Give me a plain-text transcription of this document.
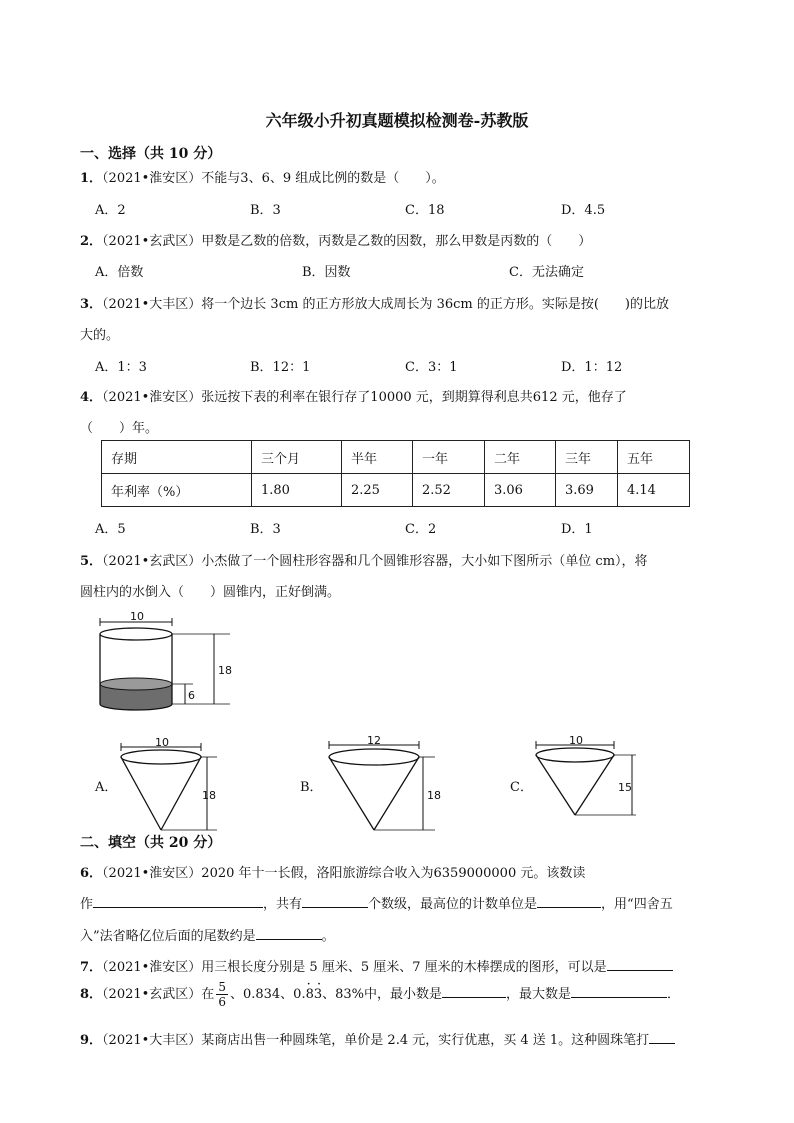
六年级小升初真题模拟检测卷-苏教版
一、选择（共 10 分）
1．（2021•淮安区）不能与3、6、9 组成比例的数是（　　）。
A．2	B．3	C．18	D．4.5
2．（2021•玄武区）甲数是乙数的倍数，丙数是乙数的因数，那么甲数是丙数的（　　）
A．倍数	B．因数	C．无法确定
3．（2021•大丰区）将一个边长 3cm 的正方形放大成周长为 36cm 的正方形。实际是按(　　)的比放
大的。
A．1：3	B．12：1	C．3：1	D．1：12
4．（2021•淮安区）张远按下表的利率在银行存了10000 元，到期算得利息共612 元，他存了
（　　）年。
存期	三个月	半年	一年	二年	三年	五年
年利率（%）	1.80	2.25	2.52	3.06	3.69	4.14
A．5	B．3	C．2	D．1
5．（2021•玄武区）小杰做了一个圆柱形容器和几个圆锥形容器，大小如下图所示（单位 cm），将
圆柱内的水倒入（　　）圆锥内，正好倒满。
10
18
6
A．
10
18
B．
12
18
C．
10
15
二、填空（共 20 分）
6．（2021•淮安区）2020 年十一长假，洛阳旅游综合收入为6359000000 元。该数读
作	，共有	个数级，最高位的计数单位是	，用“四舍五
入”法省略亿位后面的尾数约是	。
7．（2021•淮安区）用三根长度分别是 5 厘米、5 厘米、7 厘米的木棒摆成的图形，可以是
8．（2021•玄武区）在 $\frac{5}{6}$ 、0.834、0.· 83 ·、83%中，最小数是	，最大数是	．
9．（2021•大丰区）某商店出售一种圆珠笔，单价是 2.4 元，实行优惠，买 4 送 1。这种圆珠笔打
